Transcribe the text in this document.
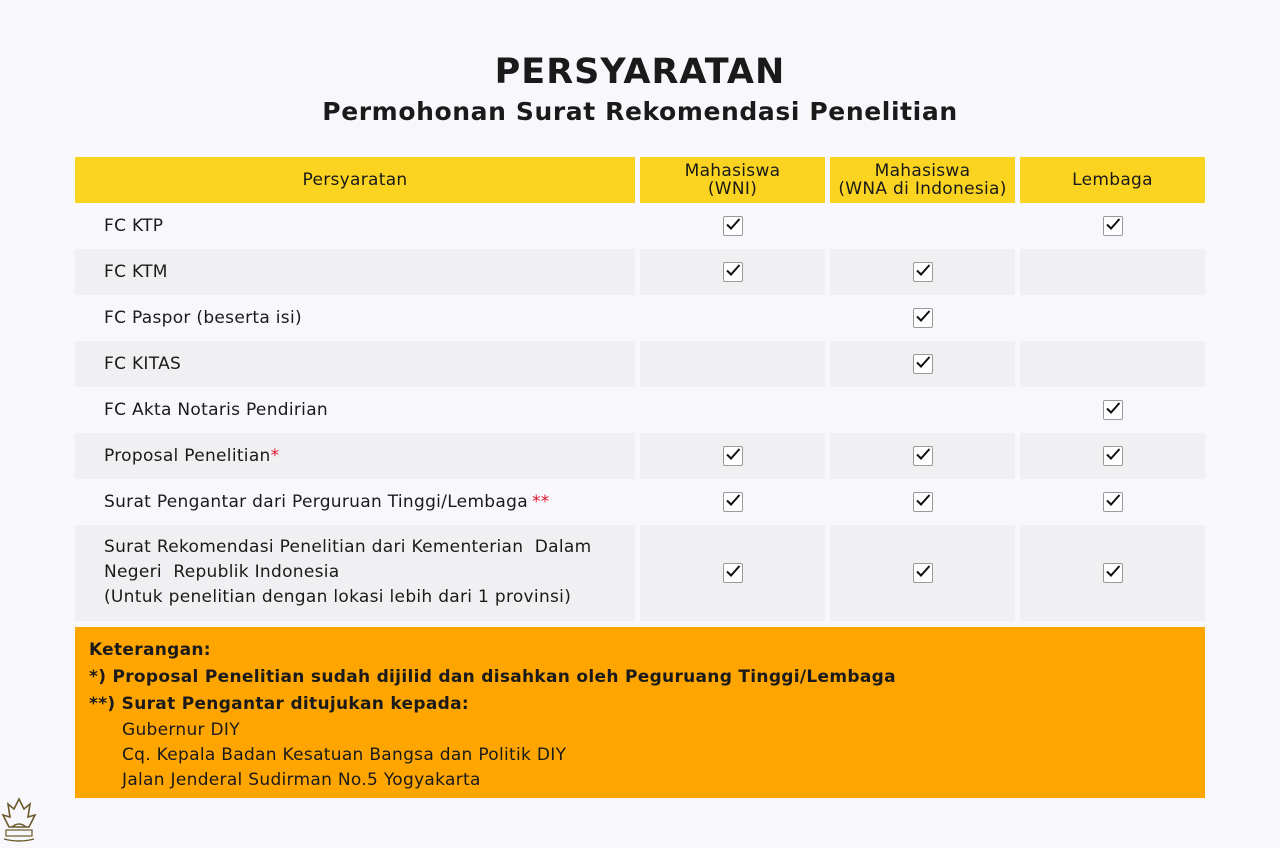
PERSYARATAN
Permohonan Surat Rekomendasi Penelitian
Persyaratan	Mahasiswa
(WNI)
Mahasiswa
(WNA di Indonesia)	Lembaga
FC KTP
FC KTM
FC Paspor (beserta isi)
FC KITAS
FC Akta Notaris Pendirian
Proposal Penelitian *
Surat Pengantar dari Perguruan Tinggi/Lembaga **
Surat Rekomendasi Penelitian dari Kementerian  Dalam
Negeri  Republik Indonesia
(Untuk penelitian dengan lokasi lebih dari 1 provinsi)
Keterangan:
*) Proposal Penelitian sudah dijilid dan disahkan oleh Peguruang Tinggi/Lembaga
**) Surat Pengantar ditujukan kepada:
Gubernur DIY
Cq. Kepala Badan Kesatuan Bangsa dan Politik DIY
Jalan Jenderal Sudirman No.5 Yogyakarta
